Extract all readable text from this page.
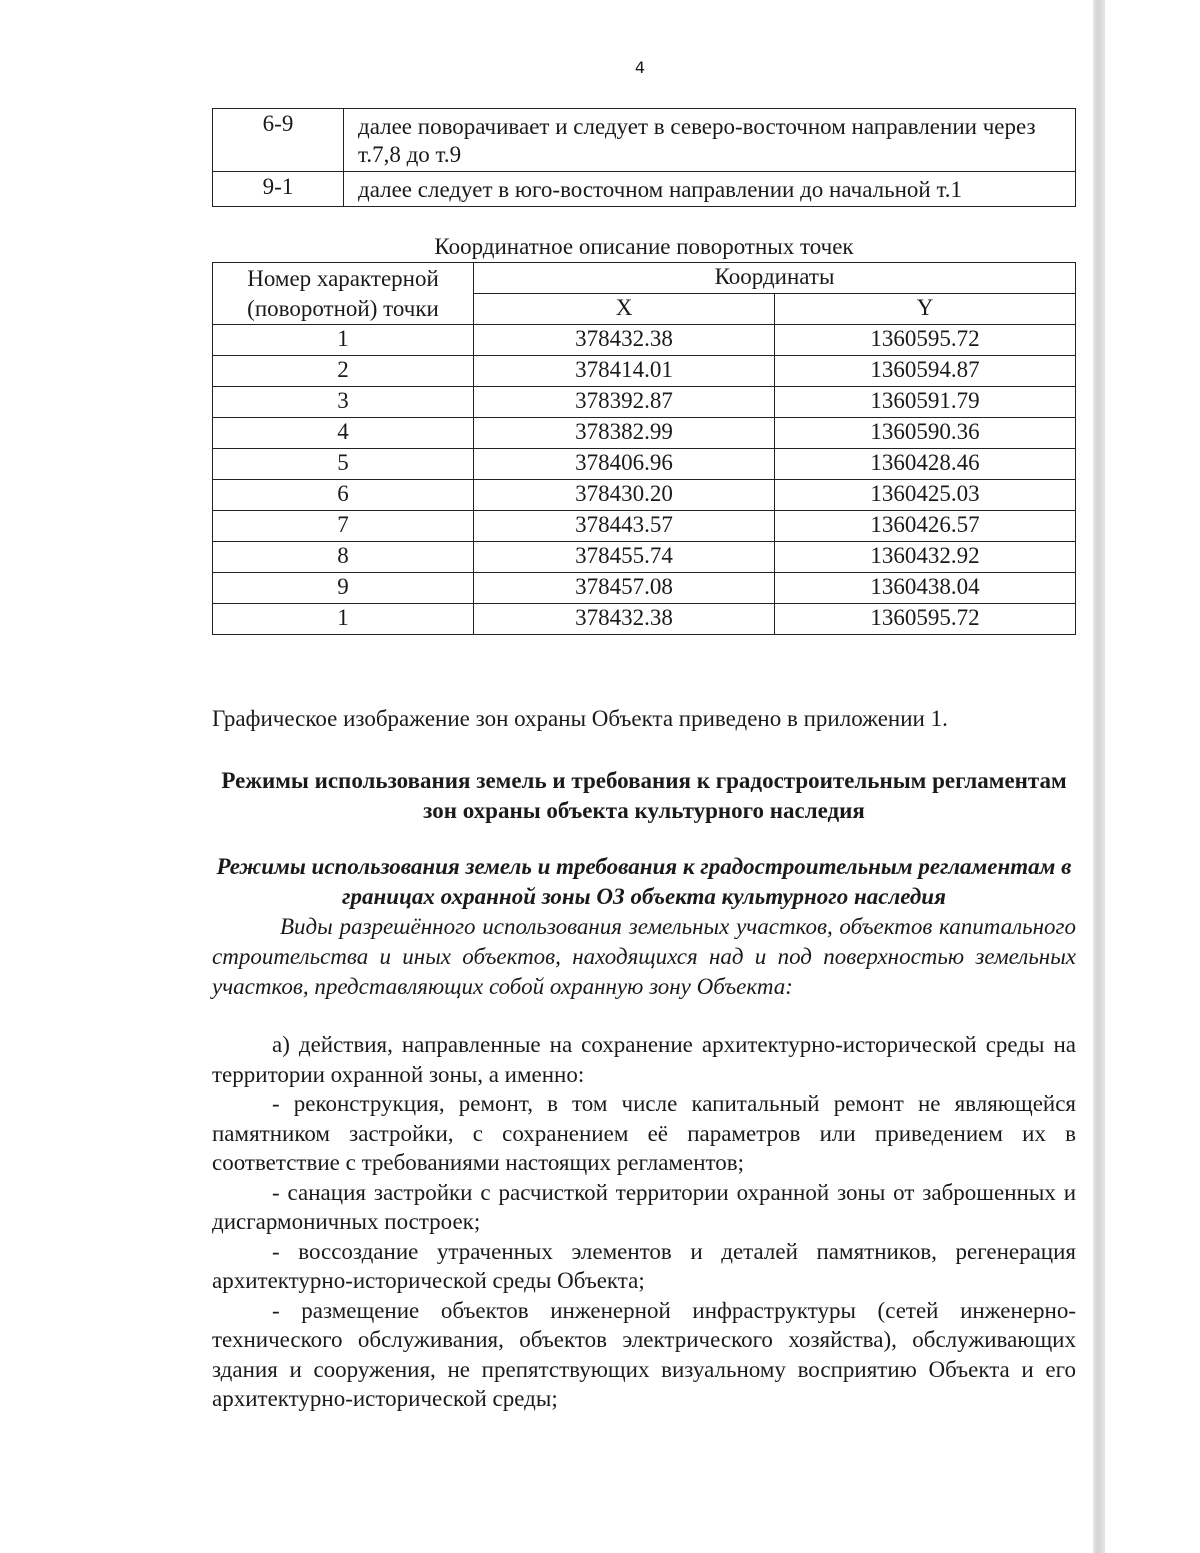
4
6-9	далее поворачивает и следует в северо-восточном направлении через т.7,8 до т.9
9-1	далее следует в юго-восточном направлении до начальной т.1
Координатное описание поворотных точек
Номер характерной (поворотной) точки	Координаты	
	X	Y
1	378432.38	1360595.72
2	378414.01	1360594.87
3	378392.87	1360591.79
4	378382.99	1360590.36
5	378406.96	1360428.46
6	378430.20	1360425.03
7	378443.57	1360426.57
8	378455.74	1360432.92
9	378457.08	1360438.04
1	378432.38	1360595.72
Графическое изображение зон охраны Объекта приведено в приложении 1.
Режимы использования земель и требования к градостроительным регламентам зон охраны объекта культурного наследия
Режимы использования земель и требования к градостроительным регламентам в границах охранной зоны ОЗ объекта культурного наследия
Виды разрешённого использования земельных участков, объектов капитального строительства и иных объектов, находящихся над и под поверхностью земельных участков, представляющих собой охранную зону Объекта:

а) действия, направленные на сохранение архитектурно-исторической среды на территории охранной зоны, а именно:

- реконструкция, ремонт, в том числе капитальный ремонт не являющейся памятником застройки, с сохранением её параметров или приведением их в соответствие с требованиями настоящих регламентов;

- санация застройки с расчисткой территории охранной зоны от заброшенных и дисгармоничных построек;

- воссоздание утраченных элементов и деталей памятников, регенерация архитектурно-исторической среды Объекта;

- размещение объектов инженерной инфраструктуры (сетей инженерно-технического обслуживания, объектов электрического хозяйства), обслуживающих здания и сооружения, не препятствующих визуальному восприятию Объекта и его архитектурно-исторической среды;
